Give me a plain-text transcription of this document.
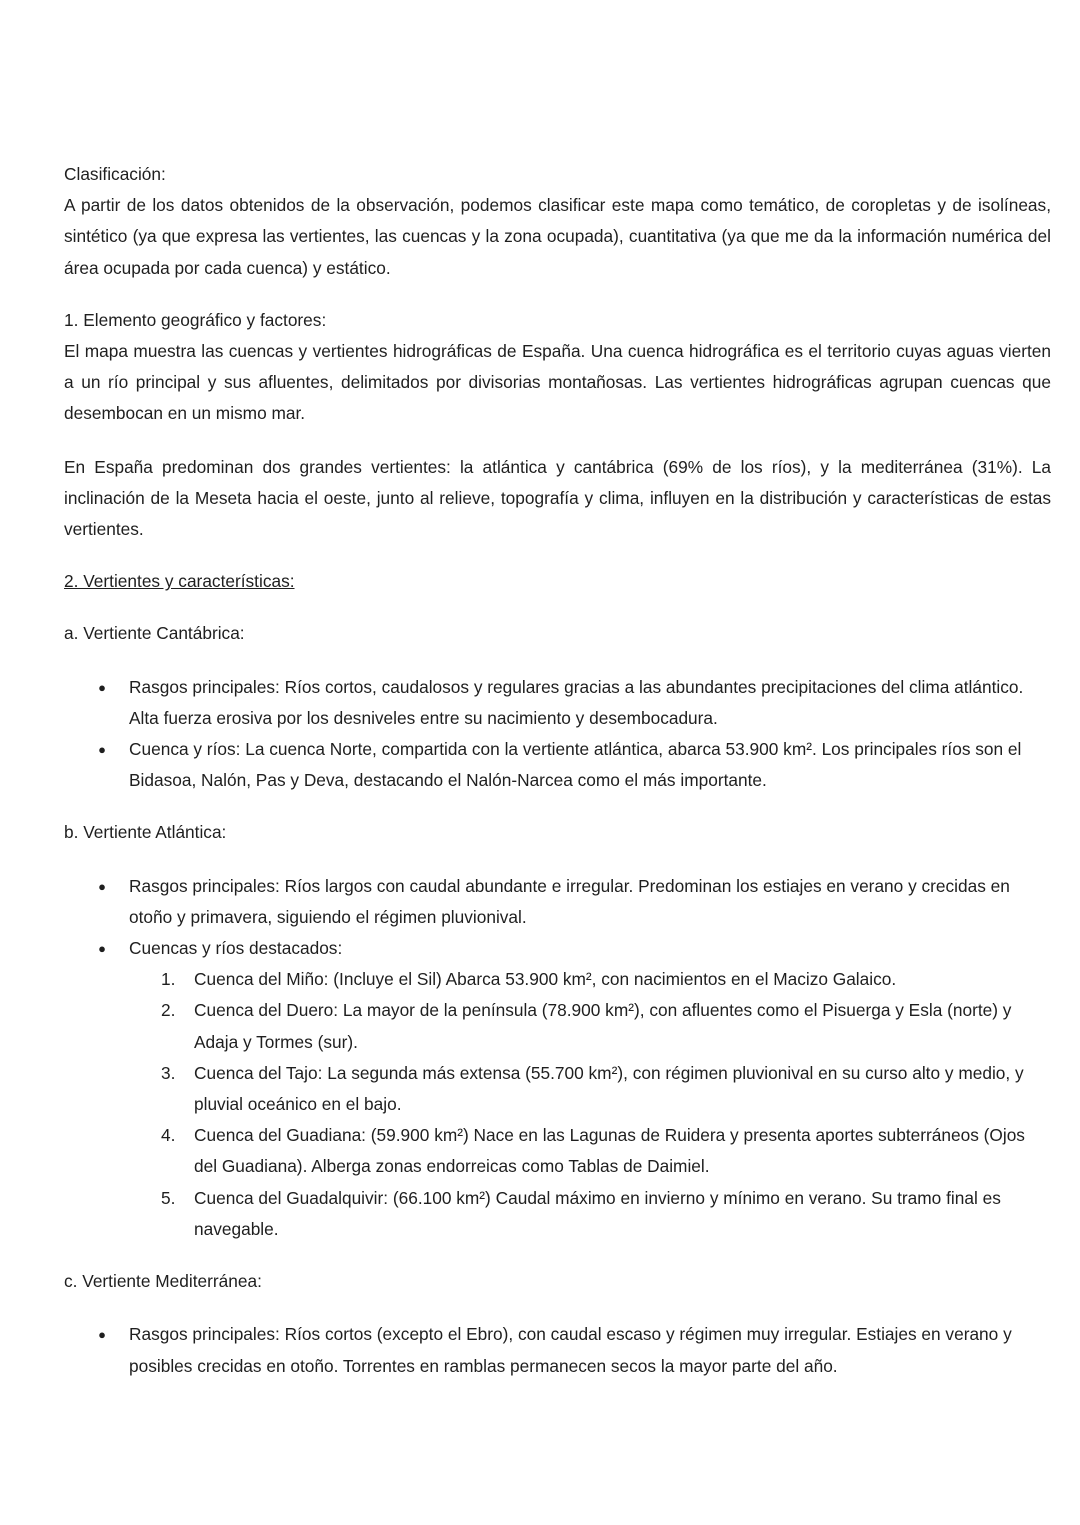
Clasificación:

A partir de los datos obtenidos de la observación, podemos clasificar este mapa como temático, de coropletas y de isolíneas, sintético (ya que expresa las vertientes, las cuencas y la zona ocupada), cuantitativa (ya que me da la información numérica del área ocupada por cada cuenca) y estático.

1. Elemento geográfico y factores:

El mapa muestra las cuencas y vertientes hidrográficas de España. Una cuenca hidrográfica es el territorio cuyas aguas vierten a un río principal y sus afluentes, delimitados por divisorias montañosas. Las vertientes hidrográficas agrupan cuencas que desembocan en un mismo mar.

En España predominan dos grandes vertientes: la atlántica y cantábrica (69% de los ríos), y la mediterránea (31%). La inclinación de la Meseta hacia el oeste, junto al relieve, topografía y clima, influyen en la distribución y características de estas vertientes.

2. Vertientes y características:

a. Vertiente Cantábrica:

● Rasgos principales: Ríos cortos, caudalosos y regulares gracias a las abundantes precipitaciones del clima atlántico. Alta fuerza erosiva por los desniveles entre su nacimiento y desembocadura.
● Cuenca y ríos: La cuenca Norte, compartida con la vertiente atlántica, abarca 53.900 km². Los principales ríos son el Bidasoa, Nalón, Pas y Deva, destacando el Nalón-Narcea como el más importante.

b. Vertiente Atlántica:

● Rasgos principales: Ríos largos con caudal abundante e irregular. Predominan los estiajes en verano y crecidas en otoño y primavera, siguiendo el régimen pluvionival.
● Cuencas y ríos destacados:
1.	Cuenca del Miño: (Incluye el Sil) Abarca 53.900 km², con nacimientos en el Macizo Galaico.
2.	Cuenca del Duero: La mayor de la península (78.900 km²), con afluentes como el Pisuerga y Esla (norte) y Adaja y Tormes (sur).
3.	Cuenca del Tajo: La segunda más extensa (55.700 km²), con régimen pluvionival en su curso alto y medio, y pluvial oceánico en el bajo.
4.	Cuenca del Guadiana: (59.900 km²) Nace en las Lagunas de Ruidera y presenta aportes subterráneos (Ojos del Guadiana). Alberga zonas endorreicas como Tablas de Daimiel.
5.	Cuenca del Guadalquivir: (66.100 km²) Caudal máximo en invierno y mínimo en verano. Su tramo final es navegable.

c. Vertiente Mediterránea:

● Rasgos principales: Ríos cortos (excepto el Ebro), con caudal escaso y régimen muy irregular. Estiajes en verano y posibles crecidas en otoño. Torrentes en ramblas permanecen secos la mayor parte del año.
